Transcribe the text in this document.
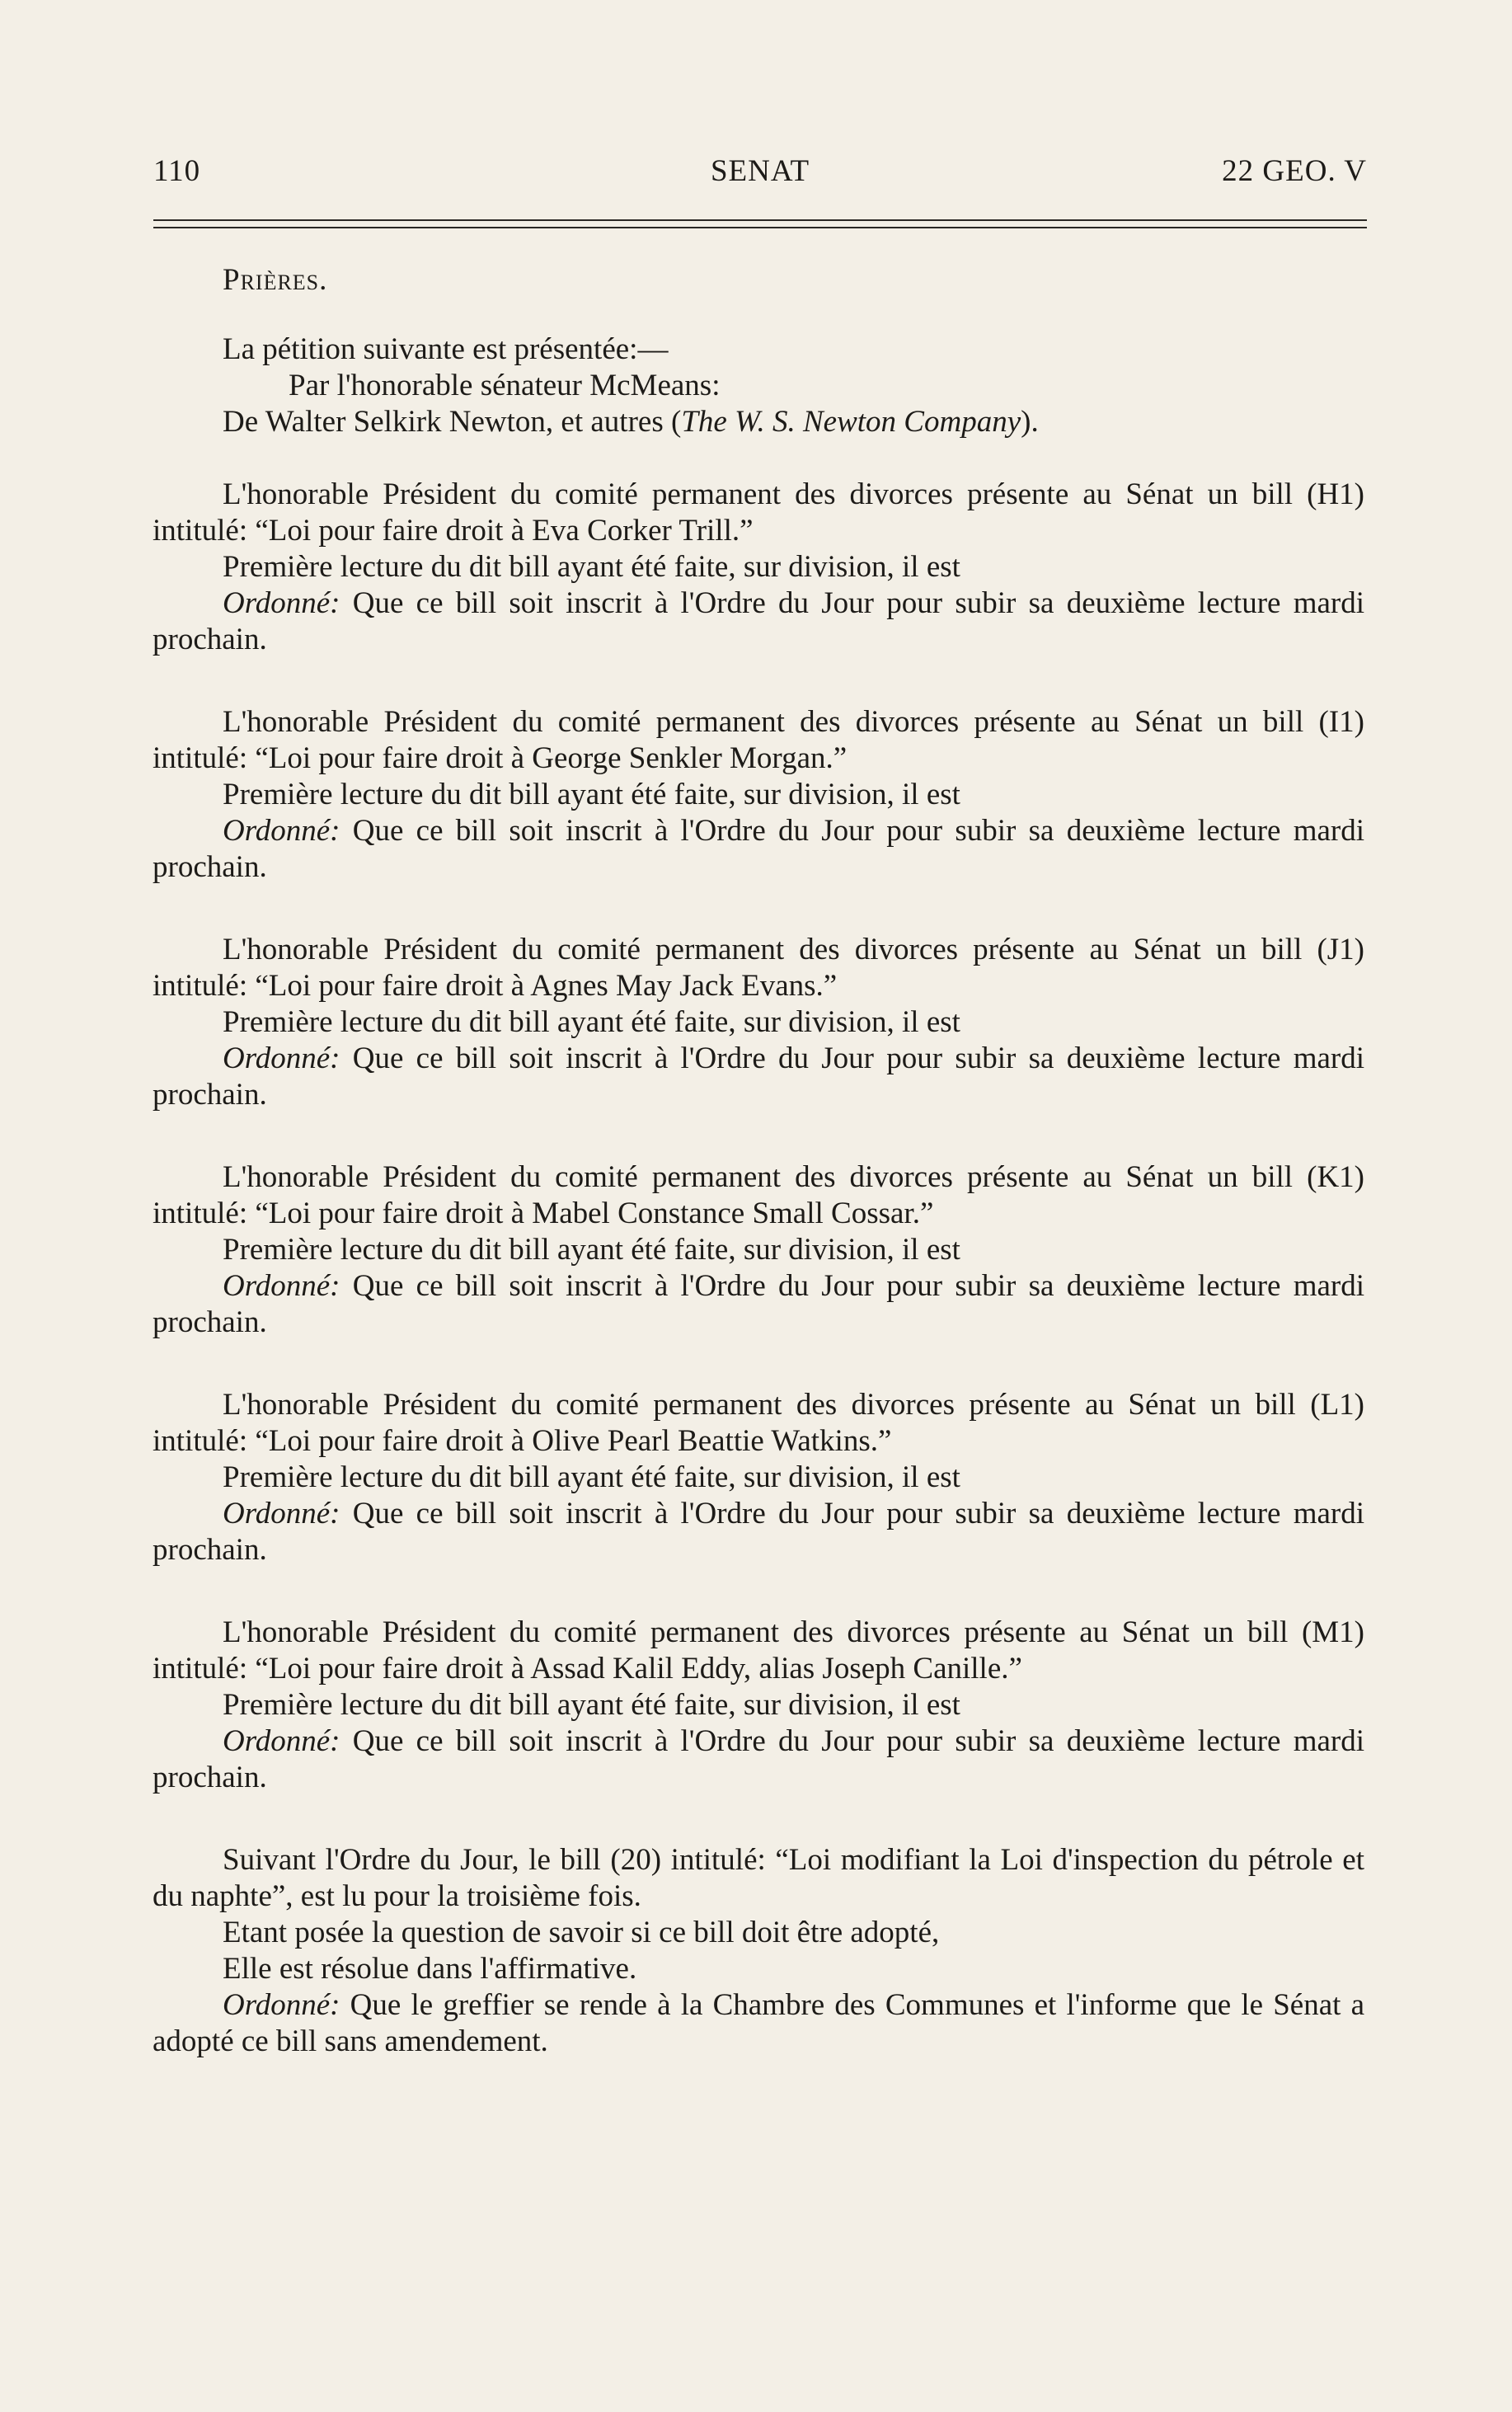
110	SENAT	22 GEO. V

Prières.

La pétition suivante est présentée:—

Par l'honorable sénateur McMeans:

De Walter Selkirk Newton, et autres (The W. S. Newton Company).

L'honorable Président du comité permanent des divorces présente au Sénat un bill (H1) intitulé: “Loi pour faire droit à Eva Corker Trill.”

Première lecture du dit bill ayant été faite, sur division, il est

Ordonné: Que ce bill soit inscrit à l'Ordre du Jour pour subir sa deuxième lecture mardi prochain.

L'honorable Président du comité permanent des divorces présente au Sénat un bill (I1) intitulé: “Loi pour faire droit à George Senkler Morgan.”

Première lecture du dit bill ayant été faite, sur division, il est

Ordonné: Que ce bill soit inscrit à l'Ordre du Jour pour subir sa deuxième lecture mardi prochain.

L'honorable Président du comité permanent des divorces présente au Sénat un bill (J1) intitulé: “Loi pour faire droit à Agnes May Jack Evans.”

Première lecture du dit bill ayant été faite, sur division, il est

Ordonné: Que ce bill soit inscrit à l'Ordre du Jour pour subir sa deuxième lecture mardi prochain.

L'honorable Président du comité permanent des divorces présente au Sénat un bill (K1) intitulé: “Loi pour faire droit à Mabel Constance Small Cossar.”

Première lecture du dit bill ayant été faite, sur division, il est

Ordonné: Que ce bill soit inscrit à l'Ordre du Jour pour subir sa deuxième lecture mardi prochain.

L'honorable Président du comité permanent des divorces présente au Sénat un bill (L1) intitulé: “Loi pour faire droit à Olive Pearl Beattie Watkins.”

Première lecture du dit bill ayant été faite, sur division, il est

Ordonné: Que ce bill soit inscrit à l'Ordre du Jour pour subir sa deuxième lecture mardi prochain.

L'honorable Président du comité permanent des divorces présente au Sénat un bill (M1) intitulé: “Loi pour faire droit à Assad Kalil Eddy, alias Joseph Canille.”

Première lecture du dit bill ayant été faite, sur division, il est

Ordonné: Que ce bill soit inscrit à l'Ordre du Jour pour subir sa deuxième lecture mardi prochain.

Suivant l'Ordre du Jour, le bill (20) intitulé: “Loi modifiant la Loi d'inspection du pétrole et du naphte”, est lu pour la troisième fois.

Etant posée la question de savoir si ce bill doit être adopté,

Elle est résolue dans l'affirmative.

Ordonné: Que le greffier se rende à la Chambre des Communes et l'informe que le Sénat a adopté ce bill sans amendement.
